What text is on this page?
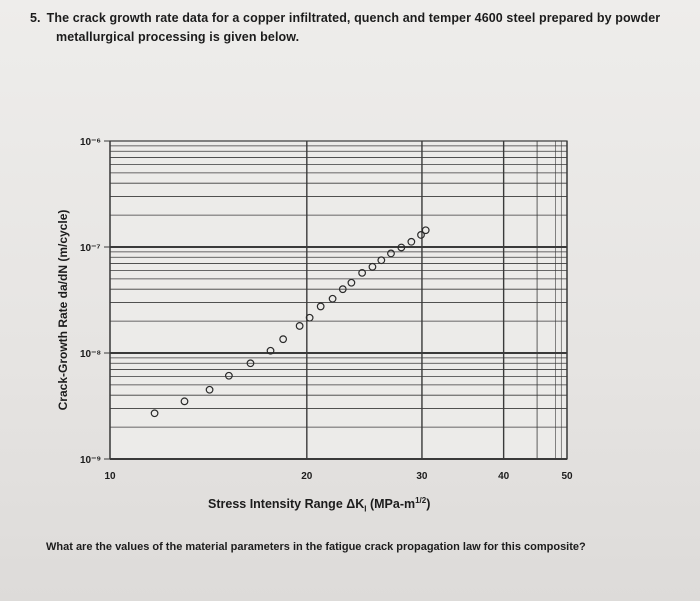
5. The crack growth rate data for a copper infiltrated, quench and temper 4600 steel prepared by powder
metallurgical processing is given below.
10⁻⁹
10⁻⁸
10⁻⁷
10⁻⁶
10	20	30	40	50
Crack-Growth Rate da/dN (m/cycle)
Stress Intensity Range $\Delta K_I$ $(MPa-m^{1/2})$
What are the values of the material parameters in the fatigue crack propagation law for this composite?
